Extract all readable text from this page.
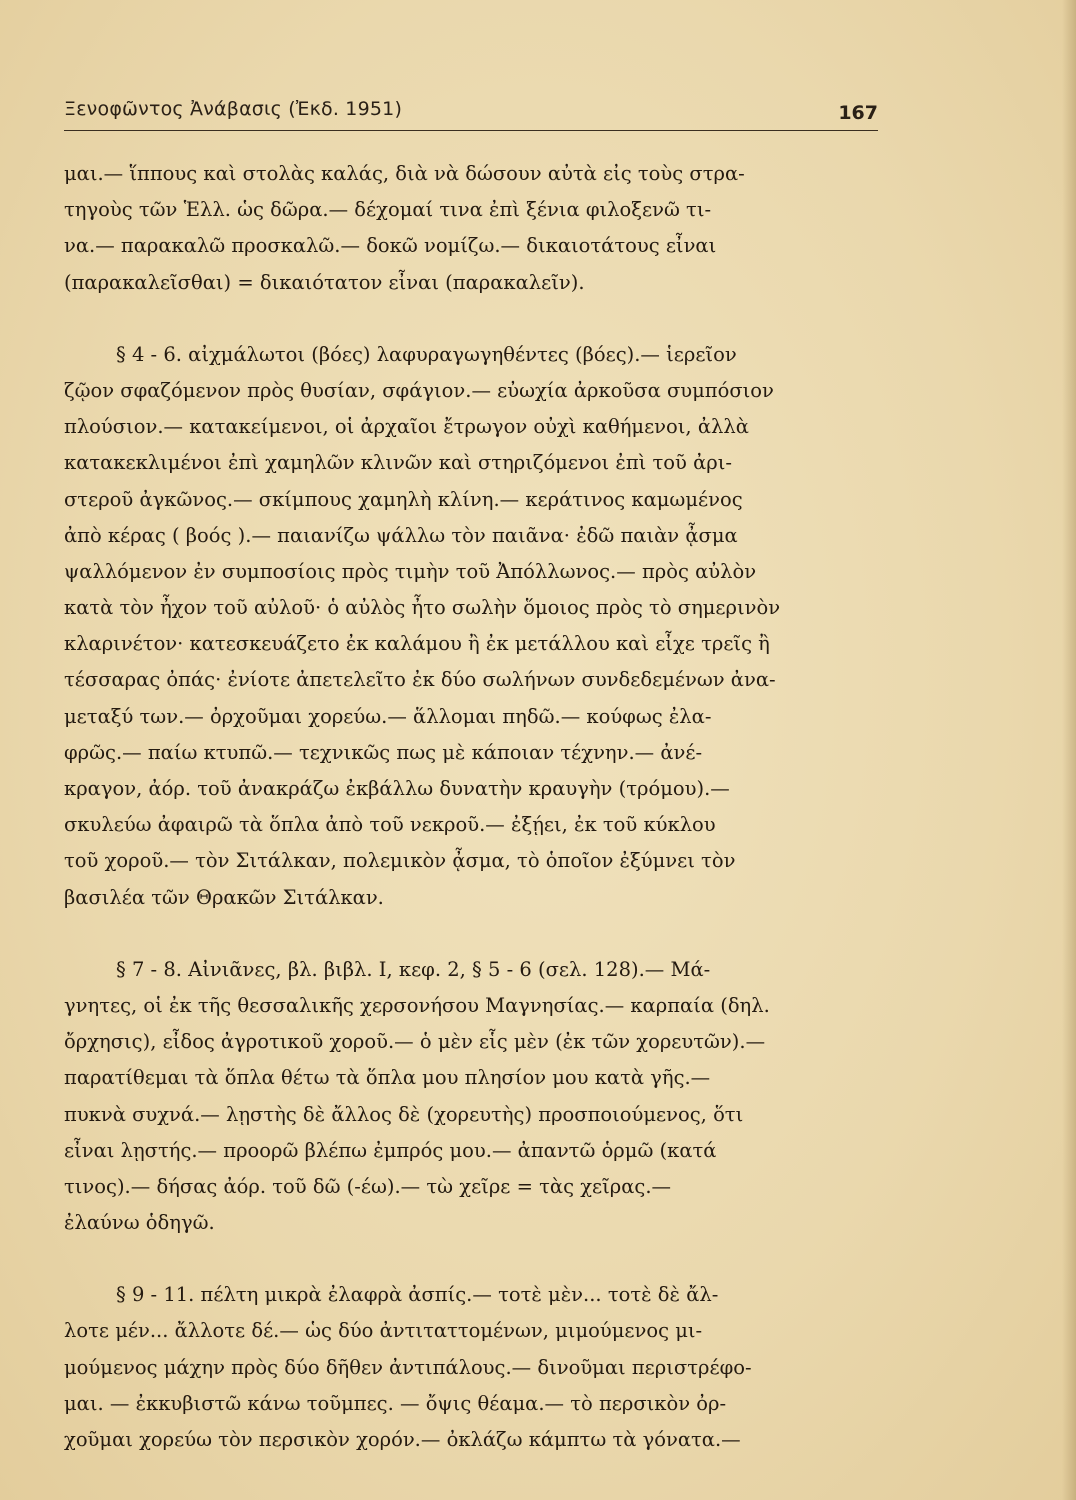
Ξενοφῶντος Ἀνάβασις (Ἐκδ. 1951)	167
μαι.— ἵππους καὶ στολὰς καλάς, διὰ νὰ δώσουν αὐτὰ εἰς τοὺς στρα-
τηγοὺς τῶν Ἑλλ. ὡς δῶρα.— δέχομαί τινα ἐπὶ ξένια φιλοξενῶ τι-
να.— παρακαλῶ προσκαλῶ.— δοκῶ νομίζω.— δικαιοτάτους εἶναι
(παρακαλεῖσθαι) = δικαιότατον εἶναι (παρακαλεῖν).
§ 4 - 6. αἰχμάλωτοι (βόες) λαφυραγωγηθέντες (βόες).— ἱερεῖον
ζῷον σφαζόμενον πρὸς θυσίαν, σφάγιον.— εὐωχία ἀρκοῦσα συμπόσιον
πλούσιον.— κατακείμενοι, οἱ ἀρχαῖοι ἔτρωγον οὐχὶ καθήμενοι, ἀλλὰ
κατακεκλιμένοι ἐπὶ χαμηλῶν κλινῶν καὶ στηριζόμενοι ἐπὶ τοῦ ἀρι-
στεροῦ ἀγκῶνος.— σκίμπους χαμηλὴ κλίνη.— κεράτινος καμωμένος
ἀπὸ κέρας ( βοός ).— παιανίζω ψάλλω τὸν παιᾶνα· ἐδῶ παιὰν ᾆσμα
ψαλλόμενον ἐν συμποσίοις πρὸς τιμὴν τοῦ Ἀπόλλωνος.— πρὸς αὐλὸν
κατὰ τὸν ἦχον τοῦ αὐλοῦ· ὁ αὐλὸς ἦτο σωλὴν ὅμοιος πρὸς τὸ σημερινὸν
κλαρινέτον· κατεσκευάζετο ἐκ καλάμου ἢ ἐκ μετάλλου καὶ εἶχε τρεῖς ἢ
τέσσαρας ὀπάς· ἐνίοτε ἀπετελεῖτο ἐκ δύο σωλήνων συνδεδεμένων ἀνα-
μεταξύ των.— ὀρχοῦμαι χορεύω.— ἅλλομαι πηδῶ.— κούφως ἐλα-
φρῶς.— παίω κτυπῶ.— τεχνικῶς πως μὲ κάποιαν τέχνην.— ἀνέ-
κραγον, ἀόρ. τοῦ ἀνακράζω ἐκβάλλω δυνατὴν κραυγὴν (τρόμου).—
σκυλεύω ἀφαιρῶ τὰ ὅπλα ἀπὸ τοῦ νεκροῦ.— ἐξῄει, ἐκ τοῦ κύκλου
τοῦ χοροῦ.— τὸν Σιτάλκαν, πολεμικὸν ᾆσμα, τὸ ὁποῖον ἐξύμνει τὸν
βασιλέα τῶν Θρακῶν Σιτάλκαν.
§ 7 - 8. Αἰνιᾶνες, βλ. βιβλ. I, κεφ. 2, § 5 - 6 (σελ. 128).— Μά-
γνητες, οἱ ἐκ τῆς θεσσαλικῆς χερσονήσου Μαγνησίας.— καρπαία (δηλ.
ὄρχησις), εἶδος ἀγροτικοῦ χοροῦ.— ὁ μὲν εἷς μὲν (ἐκ τῶν χορευτῶν).—
παρατίθεμαι τὰ ὅπλα θέτω τὰ ὅπλα μου πλησίον μου κατὰ γῆς.—
πυκνὰ συχνά.— λῃστὴς δὲ ἄλλος δὲ (χορευτὴς) προσποιούμενος, ὅτι
εἶναι λῃστής.— προορῶ βλέπω ἐμπρός μου.— ἀπαντῶ ὁρμῶ (κατά
τινος).— δήσας ἀόρ. τοῦ δῶ (-έω).— τὼ χεῖρε = τὰς χεῖρας.—
ἐλαύνω ὁδηγῶ.
§ 9 - 11. πέλτη μικρὰ ἐλαφρὰ ἀσπίς.— τοτὲ μὲν... τοτὲ δὲ ἄλ-
λοτε μέν... ἄλλοτε δέ.— ὡς δύο ἀντιταττομένων, μιμούμενος μι-
μούμενος μάχην πρὸς δύο δῆθεν ἀντιπάλους.— δινοῦμαι περιστρέφο-
μαι. — ἐκκυβιστῶ κάνω τοῦμπες. — ὄψις θέαμα.— τὸ περσικὸν ὀρ-
χοῦμαι χορεύω τὸν περσικὸν χορόν.— ὀκλάζω κάμπτω τὰ γόνατα.—
